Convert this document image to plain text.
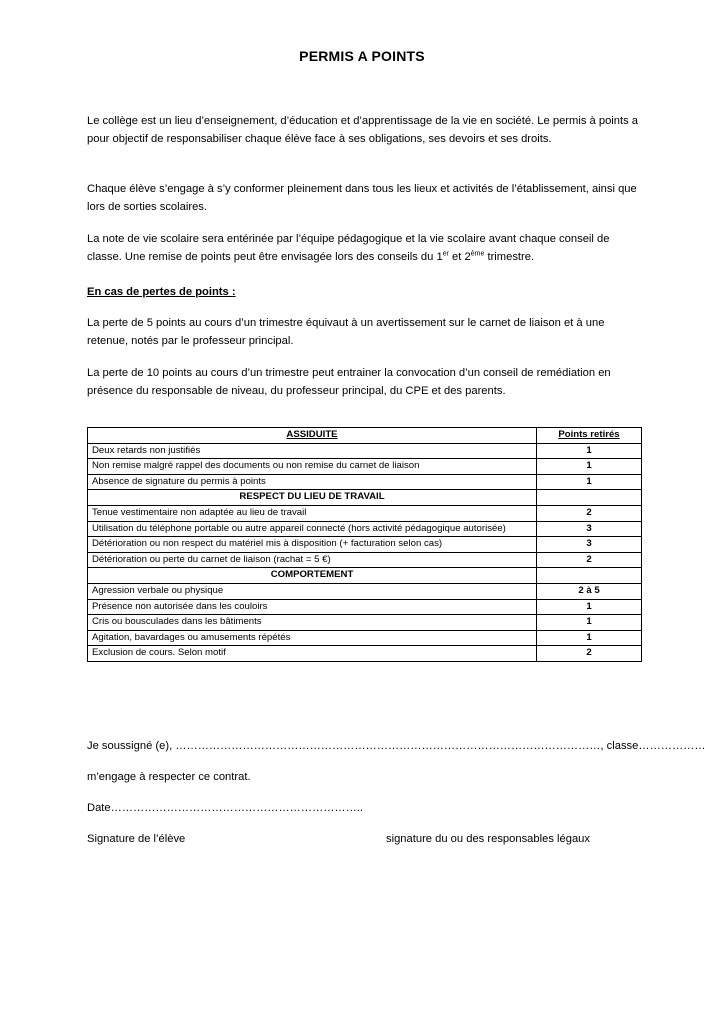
PERMIS A POINTS

Le collège est un lieu d’enseignement, d’éducation et d’apprentissage de la vie en société. Le permis à points a pour objectif de responsabiliser chaque élève face à ses obligations, ses devoirs et ses droits.

Chaque élève s’engage à s’y conformer pleinement dans tous les lieux et activités de l’établissement, ainsi que lors de sorties scolaires.

La note de vie scolaire sera entérinée par l’équipe pédagogique et la vie scolaire avant chaque conseil de classe. Une remise de points peut être envisagée lors des conseils du 1er et 2ème trimestre.

En cas de pertes de points :

La perte de 5 points au cours d’un trimestre équivaut à un avertissement sur le carnet de liaison et à une retenue, notés par le professeur principal.

La perte de 10 points au cours d’un trimestre peut entrainer la convocation d’un conseil de remédiation en présence du responsable de niveau, du professeur principal, du CPE et des parents.

ASSIDUITE	Points retirés
Deux retards non justifiés	1
Non remise malgré rappel des documents ou non remise du carnet de liaison	1
Absence de signature du permis à points	1
RESPECT DU LIEU DE TRAVAIL	
Tenue vestimentaire non adaptée au lieu de travail	2
Utilisation du téléphone portable ou autre appareil connecté (hors activité pédagogique autorisée)	3
Détérioration ou non respect du matériel mis à disposition (+ facturation selon cas)	3
Détérioration ou perte du carnet de liaison (rachat = 5 €)	2
COMPORTEMENT	
Agression verbale ou physique	2 à 5
Présence non autorisée dans les couloirs	1
Cris ou bousculades dans les bâtiments	1
Agitation, bavardages ou amusements répétés	1
Exclusion de cours. Selon motif	2
Je soussigné (e), ……………………………………………………………………………………………………, classe………………
m’engage à respecter ce contrat.
Date…………………………………………………………..
Signature de l’élève	signature du ou des responsables légaux
